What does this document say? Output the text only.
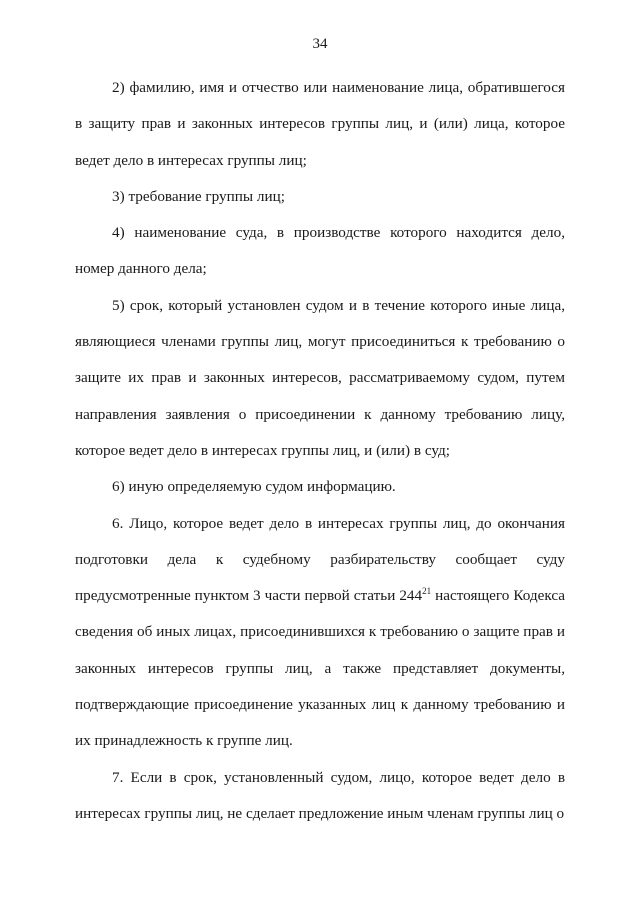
34

2) фамилию, имя и отчество или наименование лица, обратившегося в защиту прав и законных интересов группы лиц, и (или) лица, которое ведет дело в интересах группы лиц;

3) требование группы лиц;

4) наименование суда, в производстве которого находится дело, номер данного дела;

5) срок, который установлен судом и в течение которого иные лица, являющиеся членами группы лиц, могут присоединиться к требованию о защите их прав и законных интересов, рассматриваемому судом, путем направления заявления о присоединении к данному требованию лицу, которое ведет дело в интересах группы лиц, и (или) в суд;

6) иную определяемую судом информацию.

6. Лицо, которое ведет дело в интересах группы лиц, до окончания подготовки дела к судебному разбирательству сообщает суду предусмотренные пунктом 3 части первой статьи $244^{21}$ настоящего Кодекса сведения об иных лицах, присоединившихся к требованию о защите прав и законных интересов группы лиц, а также представляет документы, подтверждающие присоединение указанных лиц к данному требованию и их принадлежность к группе лиц.

7. Если в срок, установленный судом, лицо, которое ведет дело в интересах группы лиц, не сделает предложение иным членам группы лиц о
